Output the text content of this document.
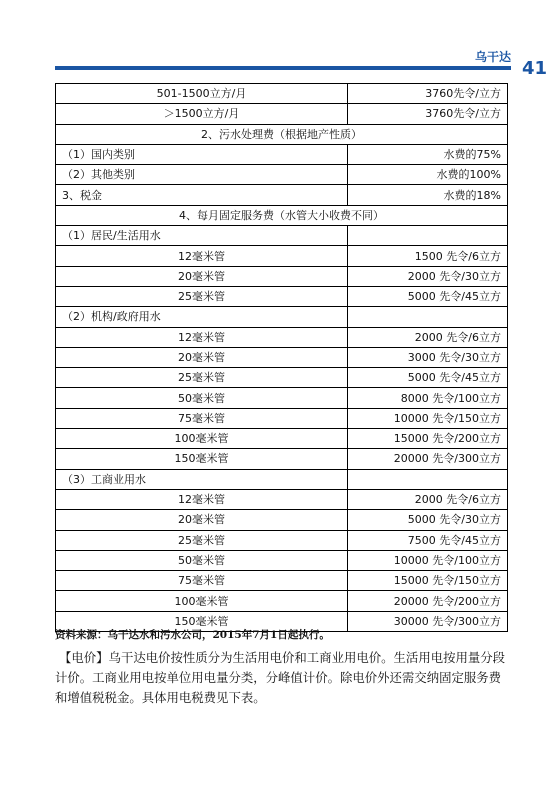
乌干达
41
501-1500立方/月	3760先令/立方
＞1500立方/月	3760先令/立方
2、污水处理费（根据地产性质）	
（1）国内类别	水费的75%
（2）其他类别	水费的100%
3、税金	水费的18%
4、每月固定服务费（水管大小收费不同）	
（1）居民/生活用水	
12毫米管	1500 先令/6立方
20毫米管	2000 先令/30立方
25毫米管	5000 先令/45立方
（2）机构/政府用水	
12毫米管	2000 先令/6立方
20毫米管	3000 先令/30立方
25毫米管	5000 先令/45立方
50毫米管	8000 先令/100立方
75毫米管	10000 先令/150立方
100毫米管	15000 先令/200立方
150毫米管	20000 先令/300立方
（3）工商业用水	
12毫米管	2000 先令/6立方
20毫米管	5000 先令/30立方
25毫米管	7500 先令/45立方
50毫米管	10000 先令/100立方
75毫米管	15000 先令/150立方
100毫米管	20000 先令/200立方
150毫米管	30000 先令/300立方
资料来源：乌干达水和污水公司，2015年7月1日起执行。
【电价】乌干达电价按性质分为生活用电价和工商业用电价。生活用电按用量分段计价。工商业用电按单位用电量分类，分峰值计价。除电价外还需交纳固定服务费和增值税税金。具体用电税费见下表。
